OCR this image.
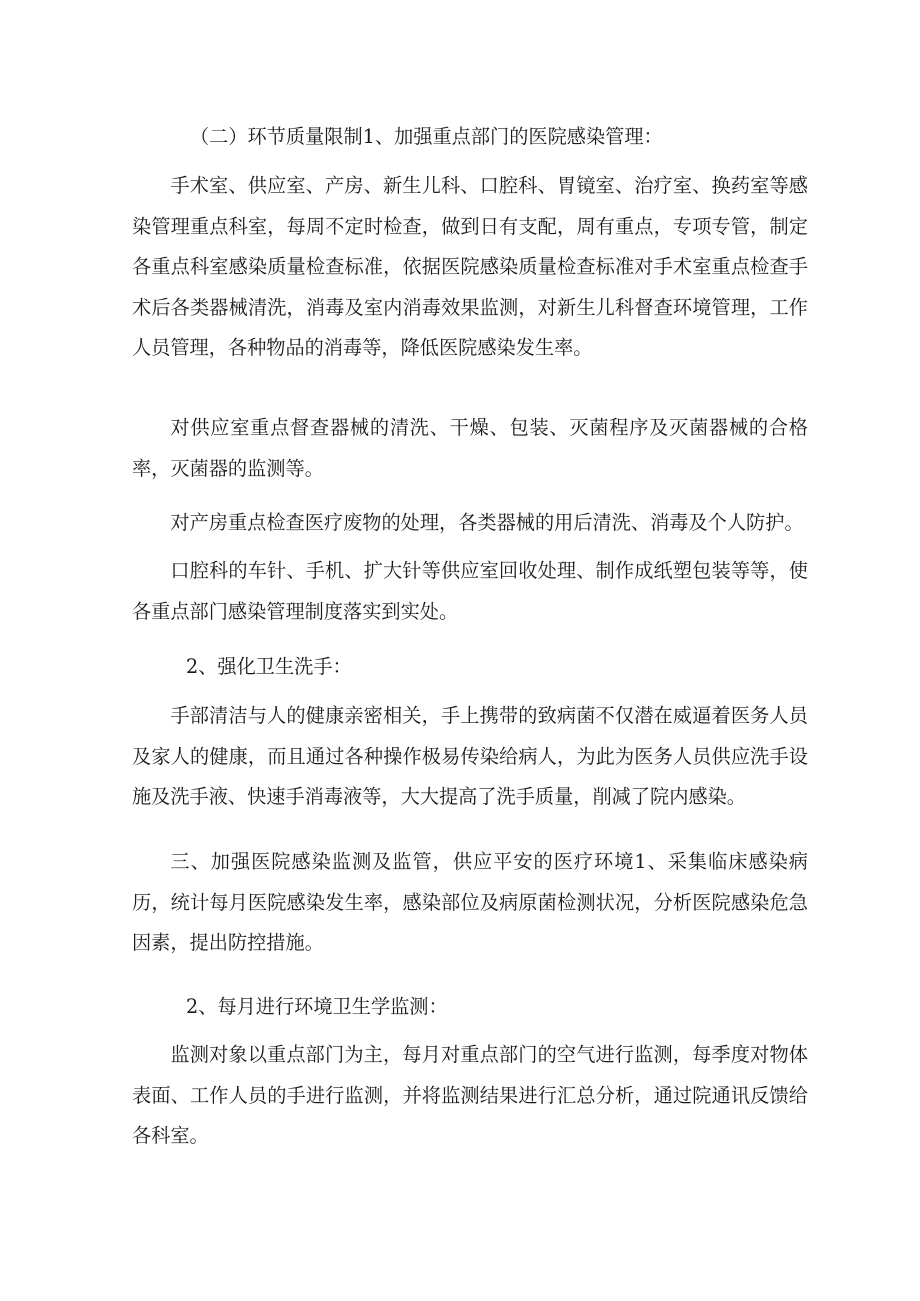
（二）环节质量限制1、加强重点部门的医院感染管理：

手术室、供应室、产房、新生儿科、口腔科、胃镜室、治疗室、换药室等感染管理重点科室，每周不定时检查，做到日有支配，周有重点，专项专管，制定各重点科室感染质量检查标准，依据医院感染质量检查标准对手术室重点检查手术后各类器械清洗，消毒及室内消毒效果监测，对新生儿科督查环境管理，工作人员管理，各种物品的消毒等，降低医院感染发生率。

对供应室重点督查器械的清洗、干燥、包装、灭菌程序及灭菌器械的合格率，灭菌器的监测等。

对产房重点检查医疗废物的处理，各类器械的用后清洗、消毒及个人防护。

口腔科的车针、手机、扩大针等供应室回收处理、制作成纸塑包装等等，使各重点部门感染管理制度落实到实处。

2、强化卫生洗手：

手部清洁与人的健康亲密相关，手上携带的致病菌不仅潜在威逼着医务人员及家人的健康，而且通过各种操作极易传染给病人，为此为医务人员供应洗手设施及洗手液、快速手消毒液等，大大提高了洗手质量，削减了院内感染。

三、加强医院感染监测及监管，供应平安的医疗环境1、采集临床感染病历，统计每月医院感染发生率，感染部位及病原菌检测状况，分析医院感染危急因素，提出防控措施。

2、每月进行环境卫生学监测：

监测对象以重点部门为主，每月对重点部门的空气进行监测，每季度对物体表面、工作人员的手进行监测，并将监测结果进行汇总分析，通过院通讯反馈给各科室。
